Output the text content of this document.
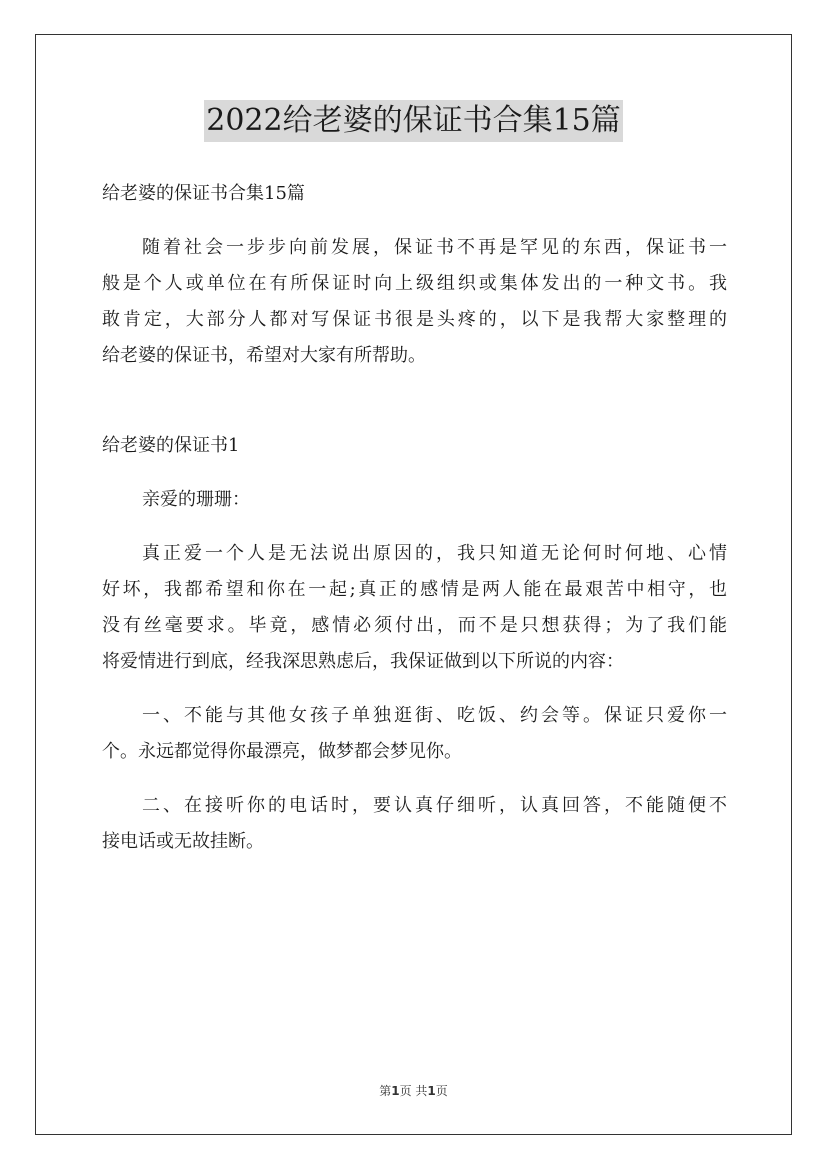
2022给老婆的保证书合集15篇
给老婆的保证书合集15篇
随着社会一步步向前发展，保证书不再是罕见的东西，保证书一
般是个人或单位在有所保证时向上级组织或集体发出的一种文书。我
敢肯定，大部分人都对写保证书很是头疼的，以下是我帮大家整理的
给老婆的保证书，希望对大家有所帮助。
给老婆的保证书1
亲爱的珊珊：
真正爱一个人是无法说出原因的，我只知道无论何时何地、心情
好坏，我都希望和你在一起;真正的感情是两人能在最艰苦中相守，也
没有丝毫要求。毕竟，感情必须付出，而不是只想获得；为了我们能
将爱情进行到底，经我深思熟虑后，我保证做到以下所说的内容：
一、不能与其他女孩子单独逛街、吃饭、约会等。保证只爱你一
个。永远都觉得你最漂亮，做梦都会梦见你。
二、在接听你的电话时，要认真仔细听，认真回答，不能随便不
接电话或无故挂断。
第1页 共1页
